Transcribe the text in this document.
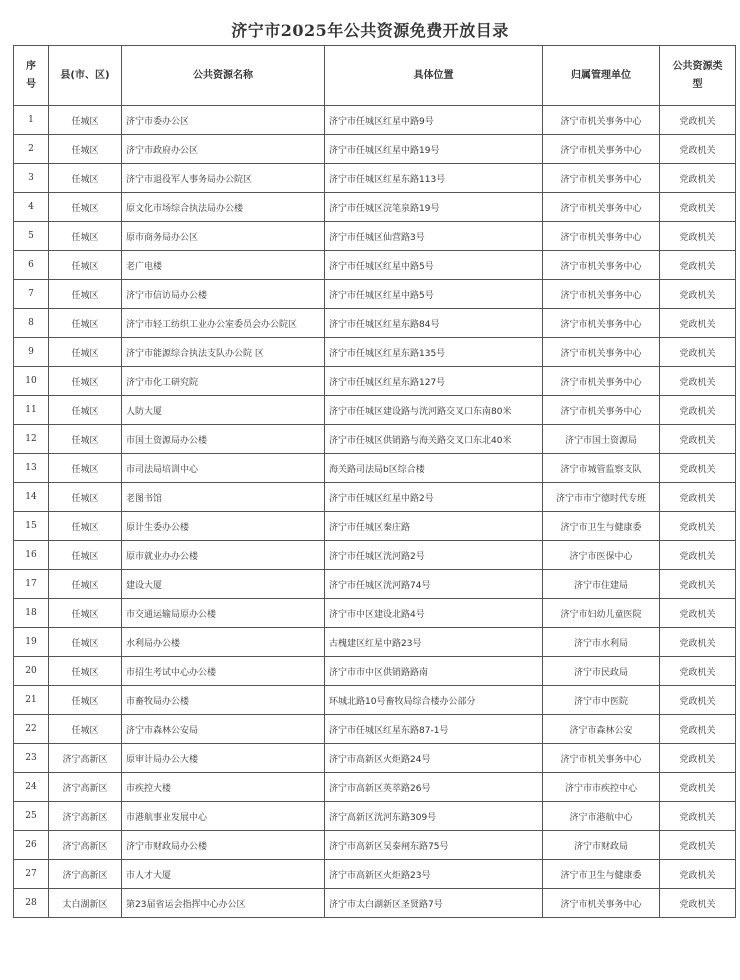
济宁市2025年公共资源免费开放目录
序号	县(市、区)	公共资源名称	具体位置	归属管理单位	公共资源类型
1	任城区	济宁市委办公区	济宁市任城区红星中路9号	济宁市机关事务中心	党政机关
2	任城区	济宁市政府办公区	济宁市任城区红星中路19号	济宁市机关事务中心	党政机关
3	任城区	济宁市退役军人事务局办公院区	济宁市任城区红星东路113号	济宁市机关事务中心	党政机关
4	任城区	原文化市场综合执法局办公楼	济宁市任城区浣笔泉路19号	济宁市机关事务中心	党政机关
5	任城区	原市商务局办公区	济宁市任城区仙营路3号	济宁市机关事务中心	党政机关
6	任城区	老广电楼	济宁市任城区红星中路5号	济宁市机关事务中心	党政机关
7	任城区	济宁市信访局办公楼	济宁市任城区红星中路5号	济宁市机关事务中心	党政机关
8	任城区	济宁市轻工纺织工业办公室委员会办公院区	济宁市任城区红星东路84号	济宁市机关事务中心	党政机关
9	任城区	济宁市能源综合执法支队办公院 区	济宁市任城区红星东路135号	济宁市机关事务中心	党政机关
10	任城区	济宁市化工研究院	济宁市任城区红星东路127号	济宁市机关事务中心	党政机关
11	任城区	人防大厦	济宁市任城区建设路与洸河路交叉口东南80米	济宁市机关事务中心	党政机关
12	任城区	市国土资源局办公楼	济宁市任城区供销路与海关路交叉口东北40米	济宁市国土资源局	党政机关
13	任城区	市司法局培训中心	海关路司法局b区综合楼	济宁市城管监察支队	党政机关
14	任城区	老图书馆	济宁市任城区红星中路2号	济宁市市宁德时代专班	党政机关
15	任城区	原计生委办公楼	济宁市任城区秦庄路	济宁市卫生与健康委	党政机关
16	任城区	原市就业办办公楼	济宁市任城区洸河路2号	济宁市医保中心	党政机关
17	任城区	建设大厦	济宁市任城区洸河路74号	济宁市住建局	党政机关
18	任城区	市交通运输局原办公楼	济宁市中区建设北路4号	济宁市妇幼儿童医院	党政机关
19	任城区	水利局办公楼	古槐建区红星中路23号	济宁市水利局	党政机关
20	任城区	市招生考试中心办公楼	济宁市市中区供销路路南	济宁市民政局	党政机关
21	任城区	市畜牧局办公楼	环城北路10号畜牧局综合楼办公部分	济宁市中医院	党政机关
22	任城区	济宁市森林公安局	济宁市任城区红星东路87-1号	济宁市森林公安	党政机关
23	济宁高新区	原审计局办公大楼	济宁市高新区火炬路24号	济宁市机关事务中心	党政机关
24	济宁高新区	市疾控大楼	济宁市高新区英萃路26号	济宁市市疾控中心	党政机关
25	济宁高新区	市港航事业发展中心	济宁高新区洸河东路309号	济宁市港航中心	党政机关
26	济宁高新区	济宁市财政局办公楼	济宁市高新区吴泰闸东路75号	济宁市财政局	党政机关
27	济宁高新区	市人才大厦	济宁市高新区火炬路23号	济宁市卫生与健康委	党政机关
28	太白湖新区	第23届省运会指挥中心办公区	济宁市太白湖新区圣贤路7号	济宁市机关事务中心	党政机关
